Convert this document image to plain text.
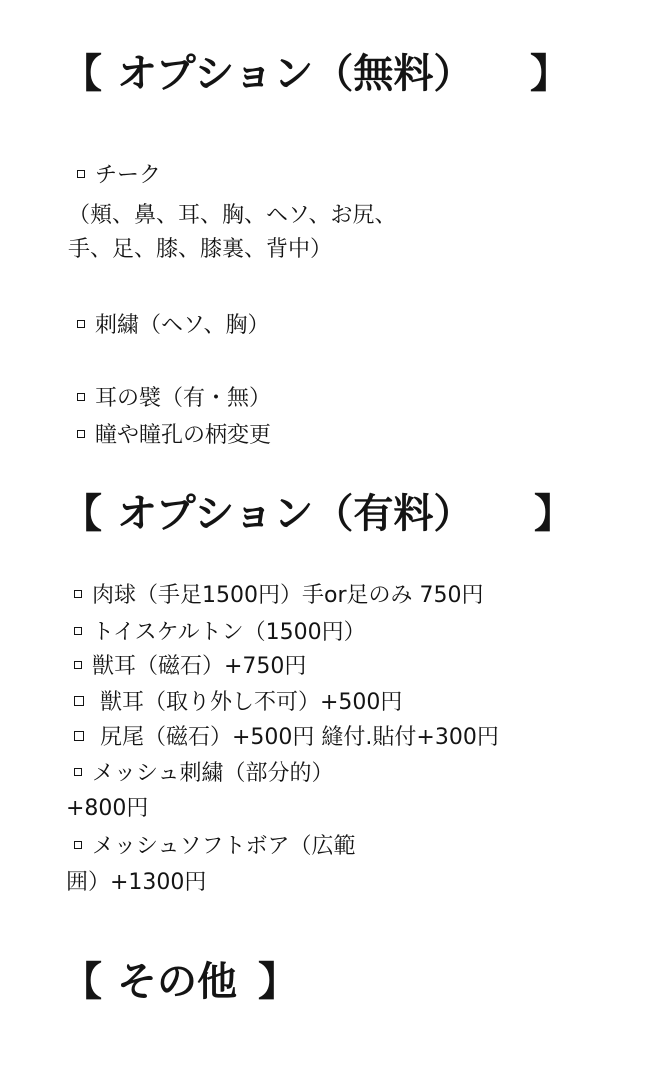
【 オプション（無料） 】
チーク
（頬、鼻、耳、胸、ヘソ、お尻、
手、足、膝、膝裏、背中）
刺繍（ヘソ、胸）
耳の襞（有・無）
瞳や瞳孔の柄変更
【 オプション（有料） 】
肉球（手足1500円）手or足のみ 750円
トイスケルトン（1500円）
獣耳（磁石）+750円
獣耳（取り外し不可）+500円
尻尾（磁石）+500円 縫付.貼付+300円
メッシュ刺繍（部分的）
+800円
メッシュソフトボア（広範
囲）+1300円
【 その他 】
